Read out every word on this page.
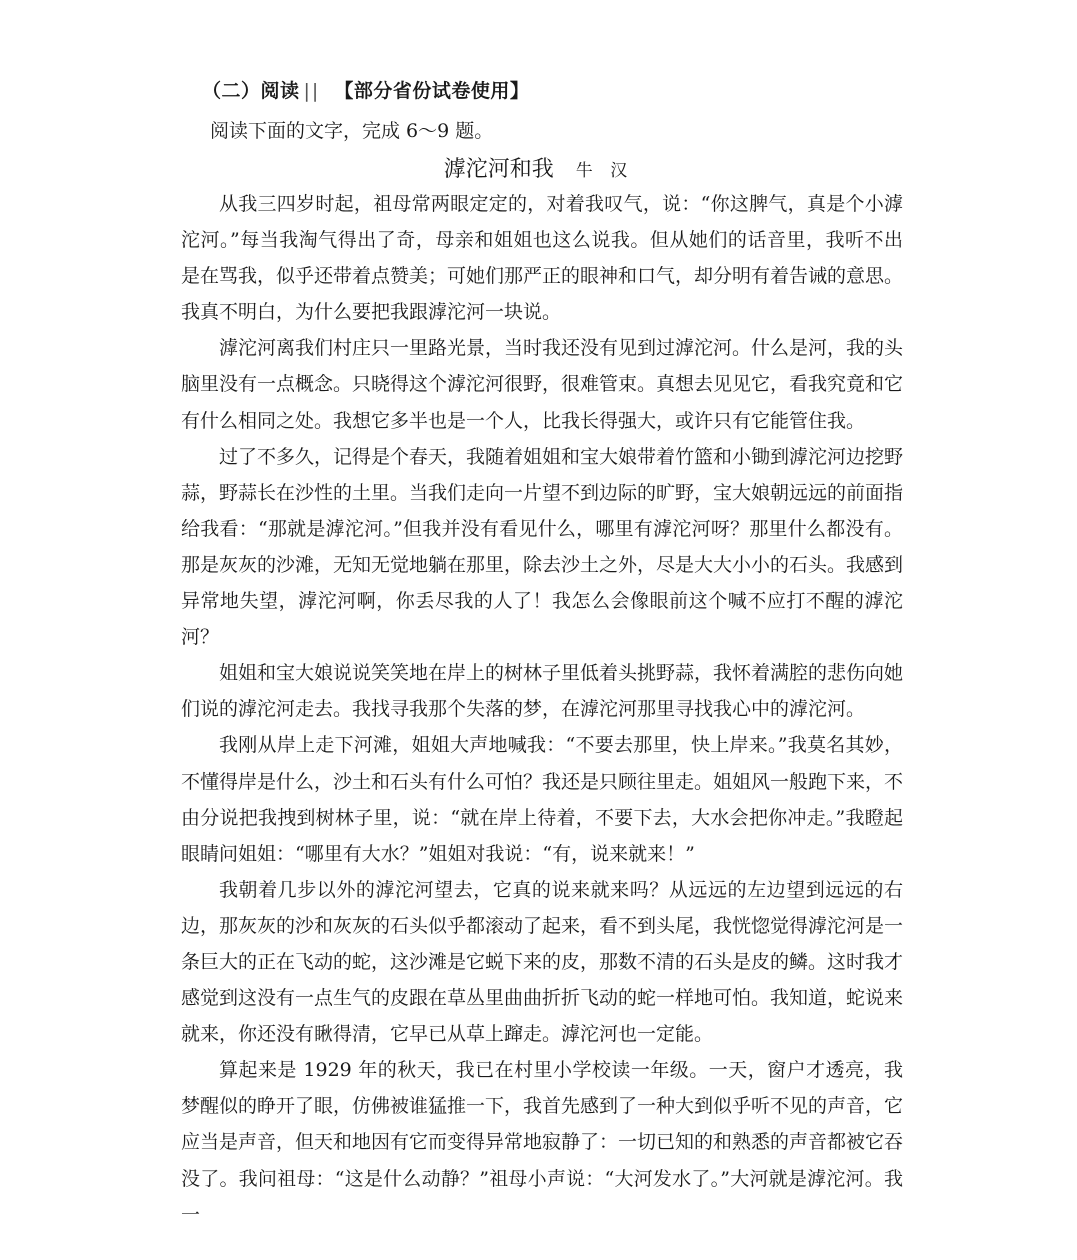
（二）阅读 || 【部分省份试卷使用】
阅读下面的文字，完成 6～9 题。
滹沱河和我 牛 汉

从我三四岁时起，祖母常两眼定定的，对着我叹气，说：“你这脾气，真是个小滹沱河。”每当我淘气得出了奇，母亲和姐姐也这么说我。但从她们的话音里，我听不出是在骂我，似乎还带着点赞美；可她们那严正的眼神和口气，却分明有着告诫的意思。我真不明白，为什么要把我跟滹沱河一块说。

滹沱河离我们村庄只一里路光景，当时我还没有见到过滹沱河。什么是河，我的头脑里没有一点概念。只晓得这个滹沱河很野，很难管束。真想去见见它，看我究竟和它有什么相同之处。我想它多半也是一个人，比我长得强大，或许只有它能管住我。

过了不多久，记得是个春天，我随着姐姐和宝大娘带着竹篮和小锄到滹沱河边挖野蒜，野蒜长在沙性的土里。当我们走向一片望不到边际的旷野，宝大娘朝远远的前面指给我看：“那就是滹沱河。”但我并没有看见什么，哪里有滹沱河呀？那里什么都没有。那是灰灰的沙滩，无知无觉地躺在那里，除去沙土之外，尽是大大小小的石头。我感到异常地失望，滹沱河啊，你丢尽我的人了！我怎么会像眼前这个喊不应打不醒的滹沱河？

姐姐和宝大娘说说笑笑地在岸上的树林子里低着头挑野蒜，我怀着满腔的悲伤向她们说的滹沱河走去。我找寻我那个失落的梦，在滹沱河那里寻找我心中的滹沱河。

我刚从岸上走下河滩，姐姐大声地喊我：“不要去那里，快上岸来。”我莫名其妙，不懂得岸是什么，沙土和石头有什么可怕？我还是只顾往里走。姐姐风一般跑下来，不由分说把我拽到树林子里，说：“就在岸上待着，不要下去，大水会把你冲走。”我瞪起眼睛问姐姐：“哪里有大水？”姐姐对我说：“有，说来就来！”

我朝着几步以外的滹沱河望去，它真的说来就来吗？从远远的左边望到远远的右边，那灰灰的沙和灰灰的石头似乎都滚动了起来，看不到头尾，我恍惚觉得滹沱河是一条巨大的正在飞动的蛇，这沙滩是它蜕下来的皮，那数不清的石头是皮的鳞。这时我才感觉到这没有一点生气的皮跟在草丛里曲曲折折飞动的蛇一样地可怕。我知道，蛇说来就来，你还没有瞅得清，它早已从草上蹿走。滹沱河也一定能。

算起来是 1929 年的秋天，我已在村里小学校读一年级。一天，窗户才透亮，我梦醒似的睁开了眼，仿佛被谁猛推一下，我首先感到了一种大到似乎听不见的声音，它应当是声音，但天和地因有它而变得异常地寂静了：一切已知的和熟悉的声音都被它吞没了。我问祖母：“这是什么动静？”祖母小声说：“大河发水了。”大河就是滹沱河。我一
